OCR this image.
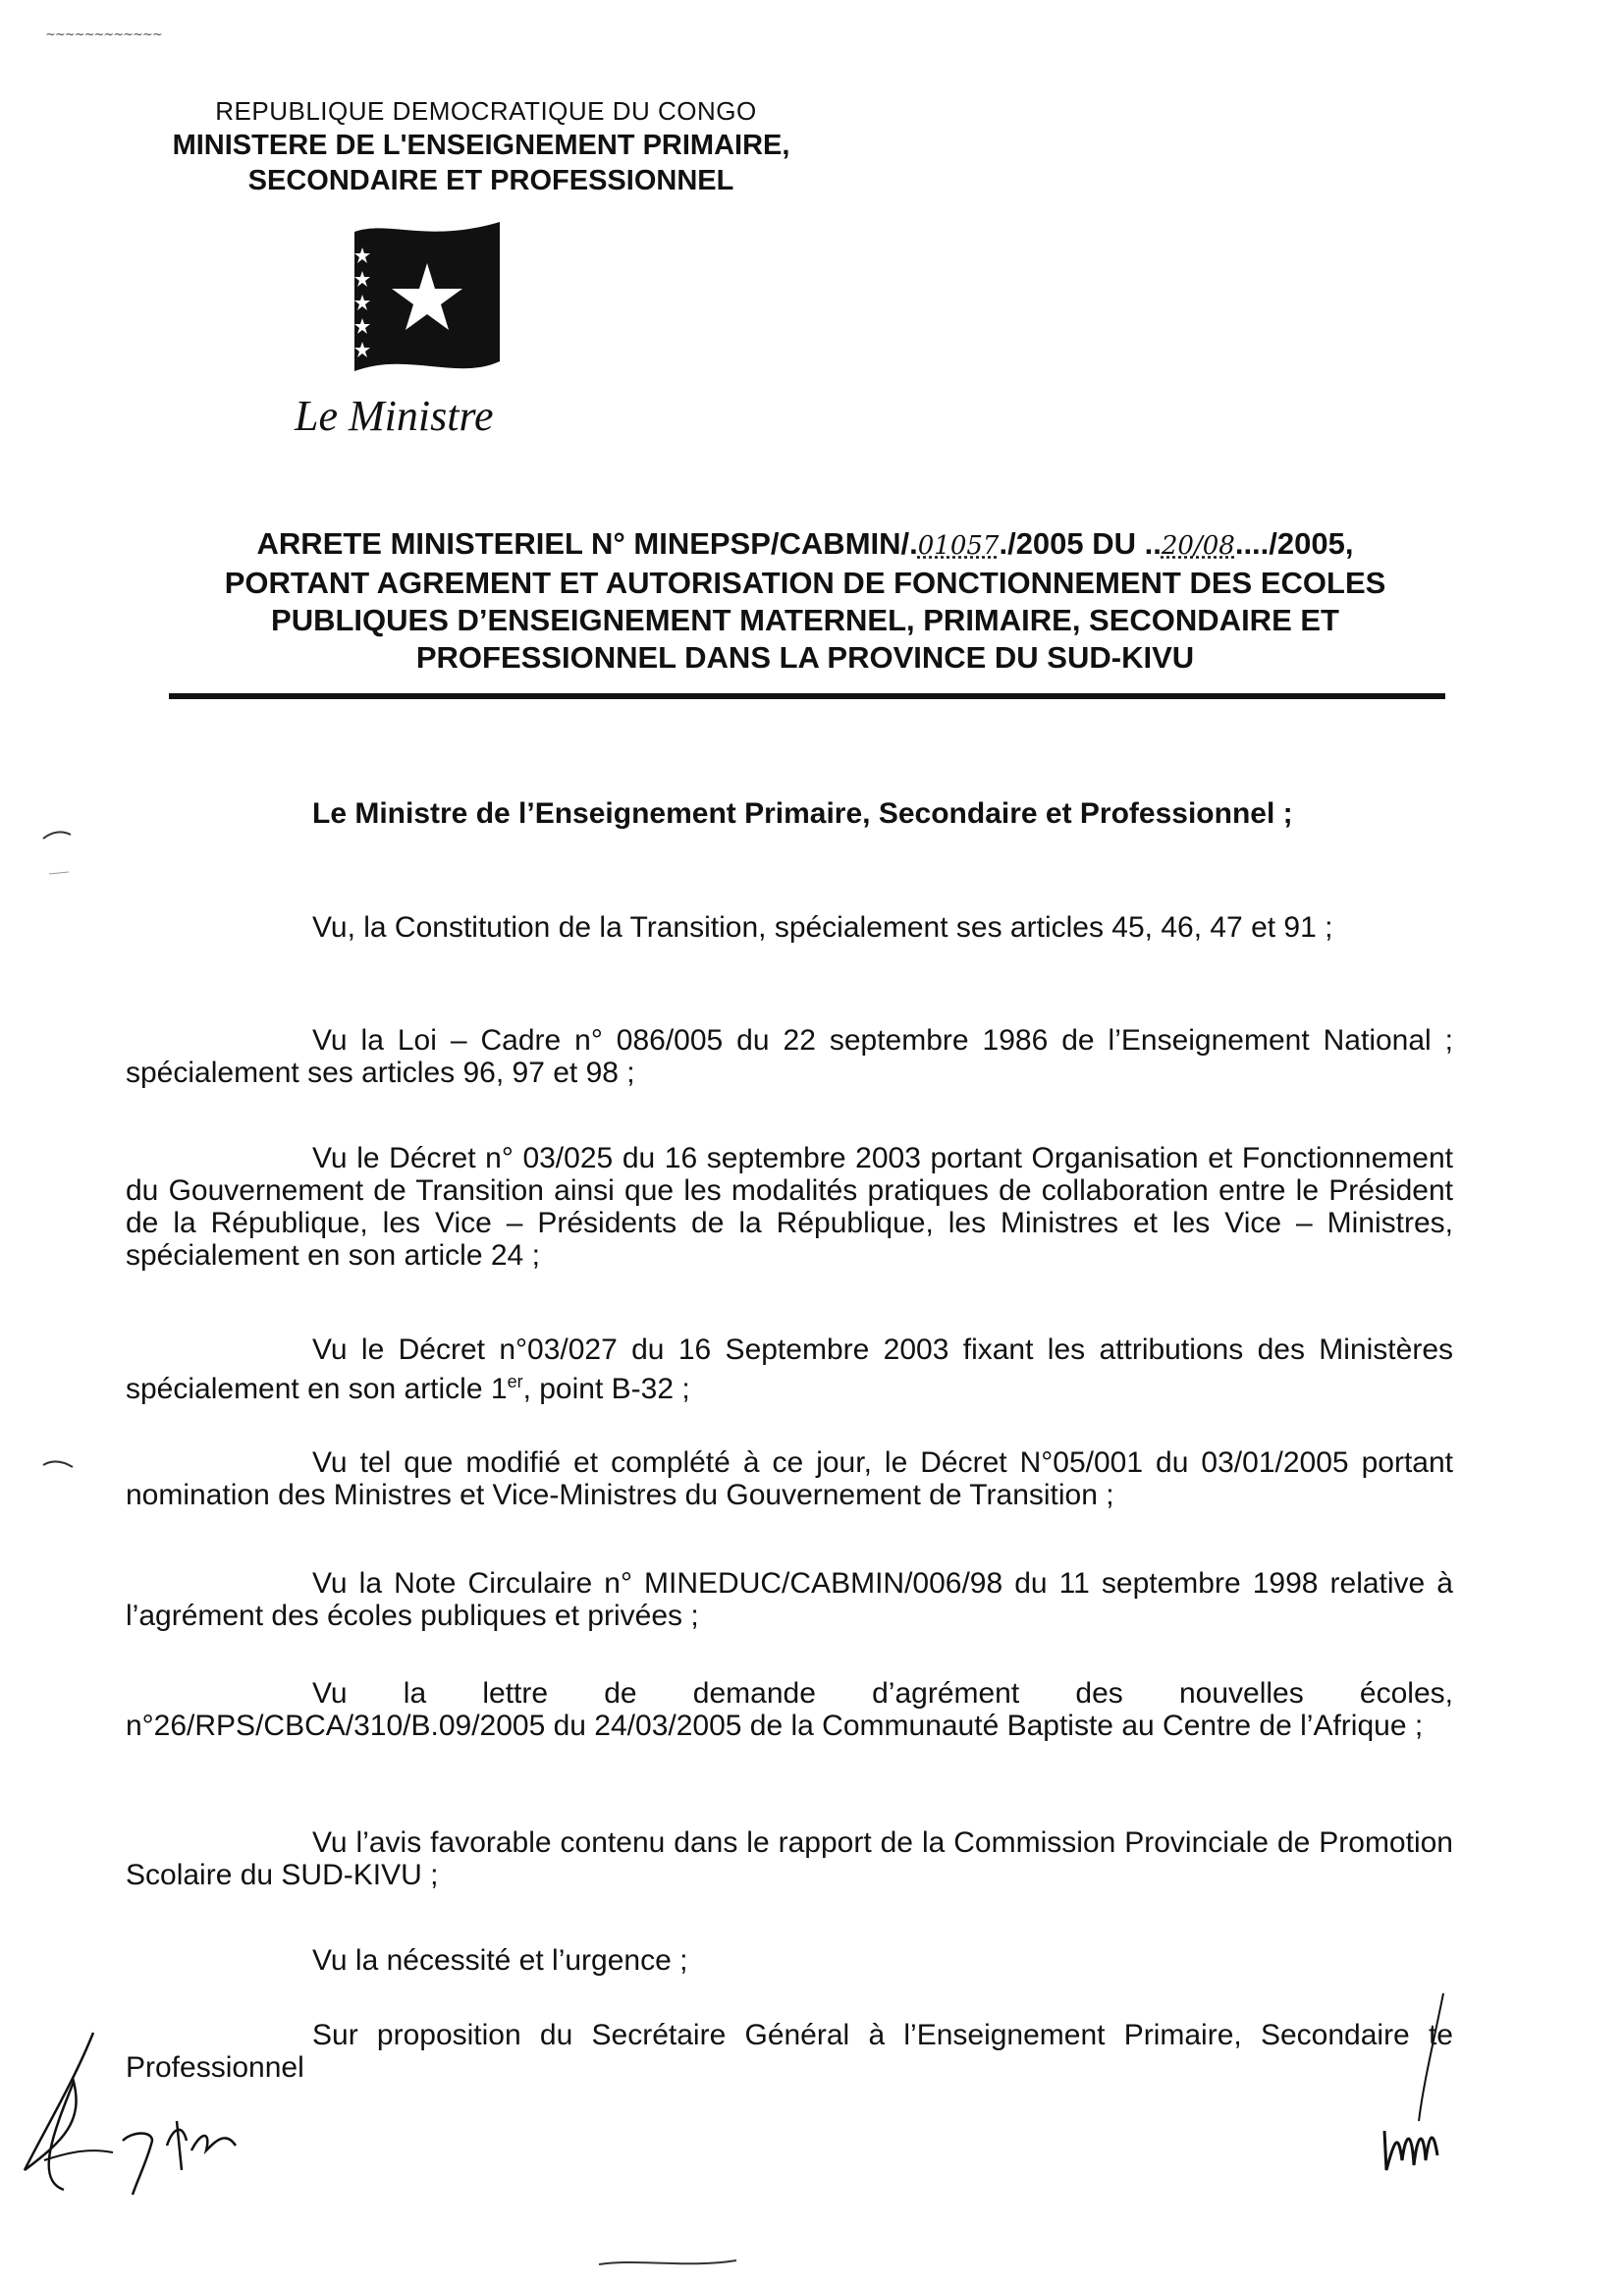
~~~~~~~~~~~~
REPUBLIQUE DEMOCRATIQUE DU CONGO
MINISTERE DE L'ENSEIGNEMENT PRIMAIRE,
SECONDAIRE ET PROFESSIONNEL
Le Ministre
ARRETE MINISTERIEL N° MINEPSP/CABMIN/.01057./2005 DU ..20/08..../2005,
PORTANT AGREMENT ET AUTORISATION DE FONCTIONNEMENT DES ECOLES
PUBLIQUES D’ENSEIGNEMENT MATERNEL, PRIMAIRE, SECONDAIRE ET
PROFESSIONNEL DANS LA PROVINCE DU SUD-KIVU
Le Ministre de l’Enseignement Primaire, Secondaire et Professionnel ;

Vu, la Constitution de la Transition, spécialement ses articles 45, 46, 47 et 91 ;

Vu la Loi – Cadre n° 086/005 du 22 septembre 1986 de l’Enseignement National ; spécialement ses articles 96, 97 et 98 ;

Vu le Décret n° 03/025 du 16 septembre 2003 portant Organisation et Fonctionnement du Gouvernement de Transition ainsi que les modalités pratiques de collaboration entre le Président de la République, les Vice – Présidents de la République, les Ministres et les Vice – Ministres, spécialement en son article 24 ;

Vu le Décret n°03/027 du 16 Septembre 2003 fixant les attributions des Ministères spécialement en son article 1er, point B-32 ;

Vu tel que modifié et complété à ce jour, le Décret N°05/001 du 03/01/2005 portant nomination des Ministres et Vice-Ministres du Gouvernement de Transition ;

Vu la Note Circulaire n° MINEDUC/CABMIN/006/98 du 11 septembre 1998 relative à l’agrément des écoles publiques et privées ;

Vu la lettre de demande d’agrément des nouvelles écoles, n°26/RPS/CBCA/310/B.09/2005 du 24/03/2005 de la Communauté Baptiste au Centre de l’Afrique ;

Vu l’avis favorable contenu dans le rapport de la Commission Provinciale de Promotion Scolaire du SUD-KIVU ;

Vu la nécessité et l’urgence ;

Sur proposition du Secrétaire Général à l’Enseignement Primaire, Secondaire te Professionnel
